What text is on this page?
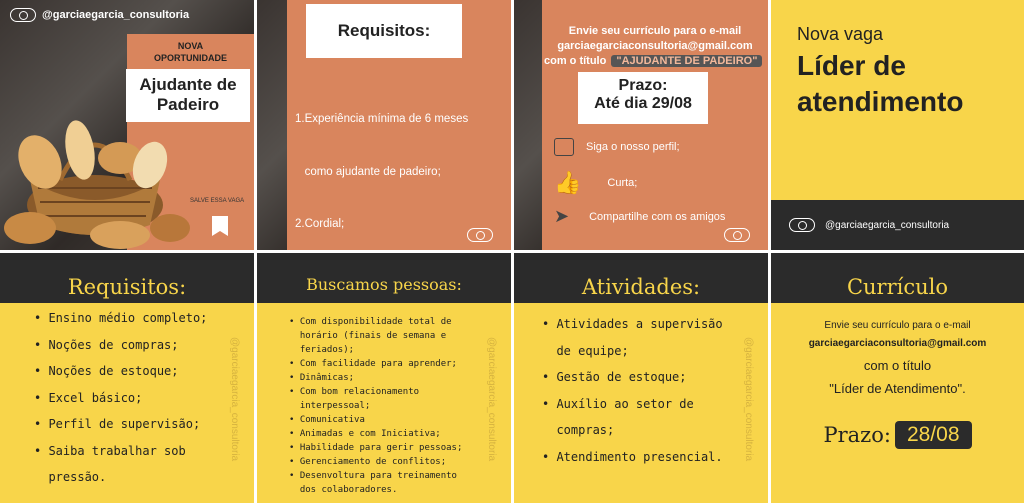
@garciaegarcia_consultoria
NOVA
OPORTUNIDADE
Ajudante de
Padeiro
SALVE ESSA VAGA
Requisitos:

1.Experiência mínima de 6 meses

como ajudante de padeiro;

2.Cordial;

Envie seu currículo para o e-mail
garciaegarciaconsultoria@gmail.com
com o título "AJUDANTE DE PADEIRO"
Prazo:
Até dia 29/08
Siga o nosso perfil;
👍 Curta;
➤ Compartilhe com os amigos
Nova vaga
Líder de
atendimento
@garciaegarcia_consultoria
Requisitos:
• Ensino médio completo;
• Noções de compras;
• Noções de estoque;
• Excel básico;
• Perfil de supervisão;
• Saiba trabalhar sob
pressão.
@garciaegarcia_consultoria
Buscamos pessoas:
• Com disponibilidade total de
horário (finais de semana e
feriados);
• Com facilidade para aprender;
• Dinâmicas;
• Com bom relacionamento
interpessoal;
• Comunicativa
• Animadas e com Iniciativa;
• Habilidade para gerir pessoas;
• Gerenciamento de conflitos;
• Desenvoltura para treinamento
dos colaboradores.
@garciaegarcia_consultoria
Atividades:
• Atividades a supervisão
de equipe;
• Gestão de estoque;
• Auxílio ao setor de
compras;
• Atendimento presencial. @garciaegarcia_consultoria
Currículo
Envie seu currículo para o e-mail
garciaegarciaconsultoria@gmail.com
com o título
"Líder de Atendimento".
Prazo: 28/08
